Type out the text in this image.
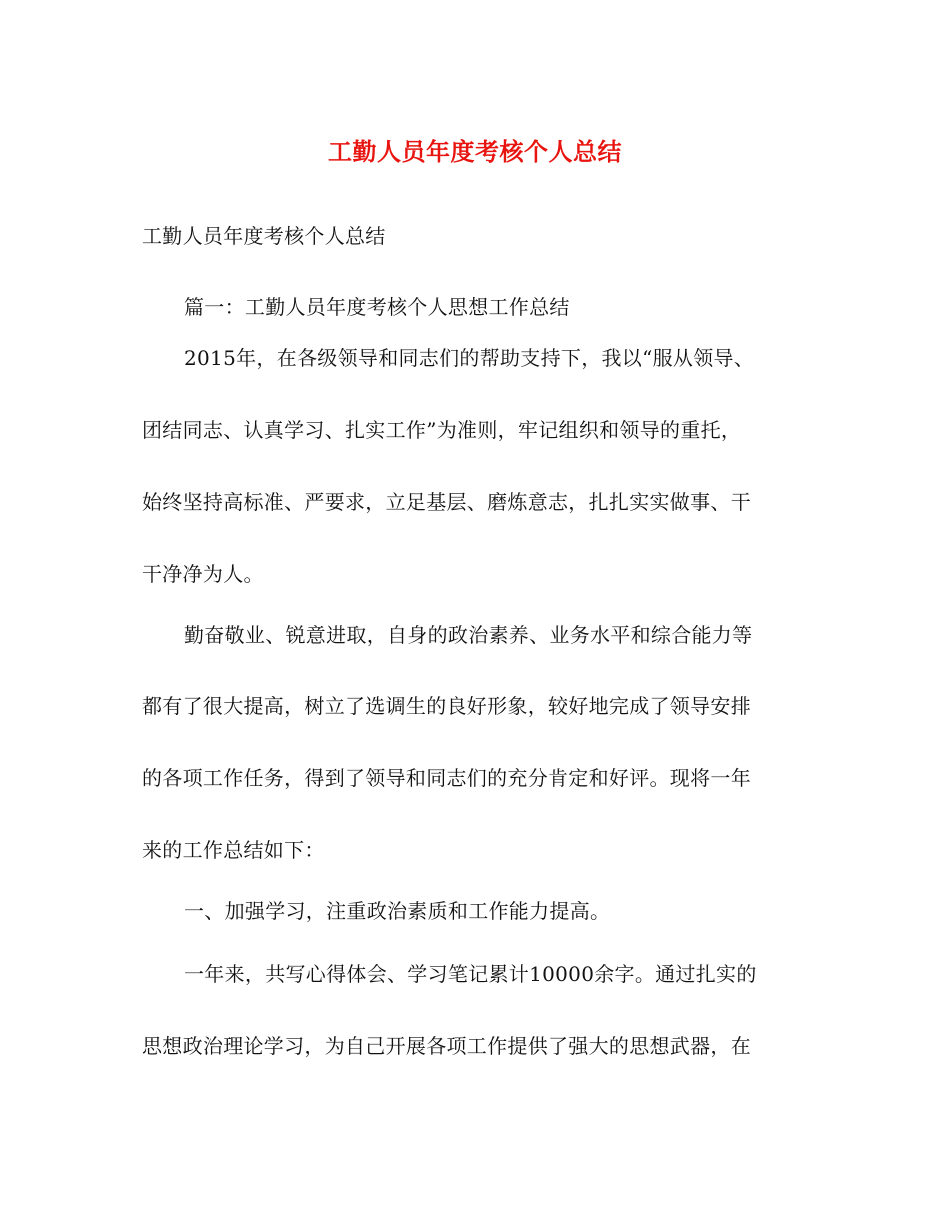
工勤人员年度考核个人总结
工勤人员年度考核个人总结
篇一：工勤人员年度考核个人思想工作总结
2015年，在各级领导和同志们的帮助支持下，我以“服从领导、
团结同志、认真学习、扎实工作”为准则，牢记组织和领导的重托，
始终坚持高标准、严要求，立足基层、磨炼意志，扎扎实实做事、干
干净净为人。
勤奋敬业、锐意进取，自身的政治素养、业务水平和综合能力等
都有了很大提高，树立了选调生的良好形象，较好地完成了领导安排
的各项工作任务，得到了领导和同志们的充分肯定和好评。现将一年
来的工作总结如下：
一、加强学习，注重政治素质和工作能力提高。
一年来，共写心得体会、学习笔记累计10000余字。通过扎实的
思想政治理论学习，为自己开展各项工作提供了强大的思想武器，在
